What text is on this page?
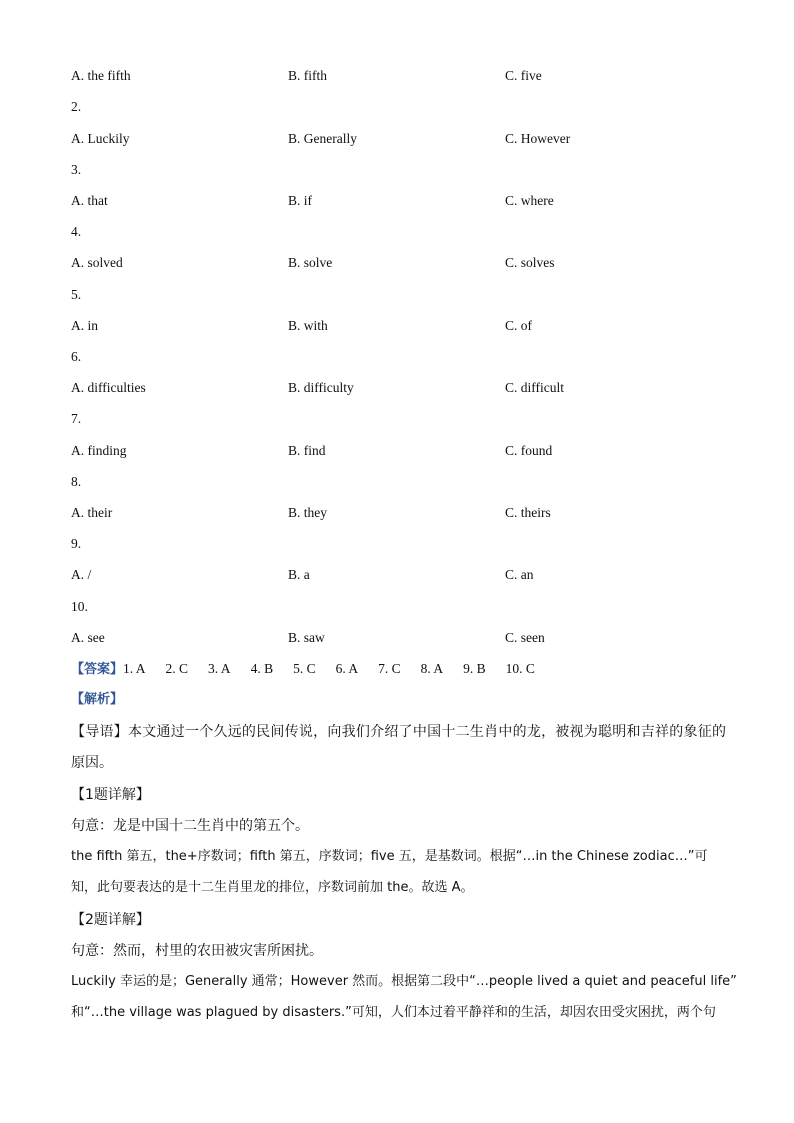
A. the fifth	B. fifth	C. five
2.
A. Luckily	B. Generally	C. However
3.
A. that	B. if	C. where
4.
A. solved	B. solve	C. solves
5.
A. in	B. with	C. of
6.
A. difficulties	B. difficulty	C. difficult
7.
A. finding	B. find	C. found
8.
A. their	B. they	C. theirs
9.
A. /	B. a	C. an
10.
A. see	B. saw	C. seen
【答案】1. A 2. C 3. A 4. B 5. C 6. A 7. C 8. A 9. B 10. C
【解析】
【导语】本文通过一个久远的民间传说，向我们介绍了中国十二生肖中的龙，被视为聪明和吉祥的象征的原因。
【1题详解】
句意：龙是中国十二生肖中的第五个。
the fifth 第五，the+序数词；fifth 第五，序数词；five 五，是基数词。根据“…in the Chinese zodiac…”可
知，此句要表达的是十二生肖里龙的排位，序数词前加 the。故选 A。
【2题详解】
句意：然而，村里的农田被灾害所困扰。
Luckily 幸运的是；Generally 通常；However 然而。根据第二段中“…people lived a quiet and peaceful life”
和“…the village was plagued by disasters.”可知，人们本过着平静祥和的生活，却因农田受灾困扰，两个句
